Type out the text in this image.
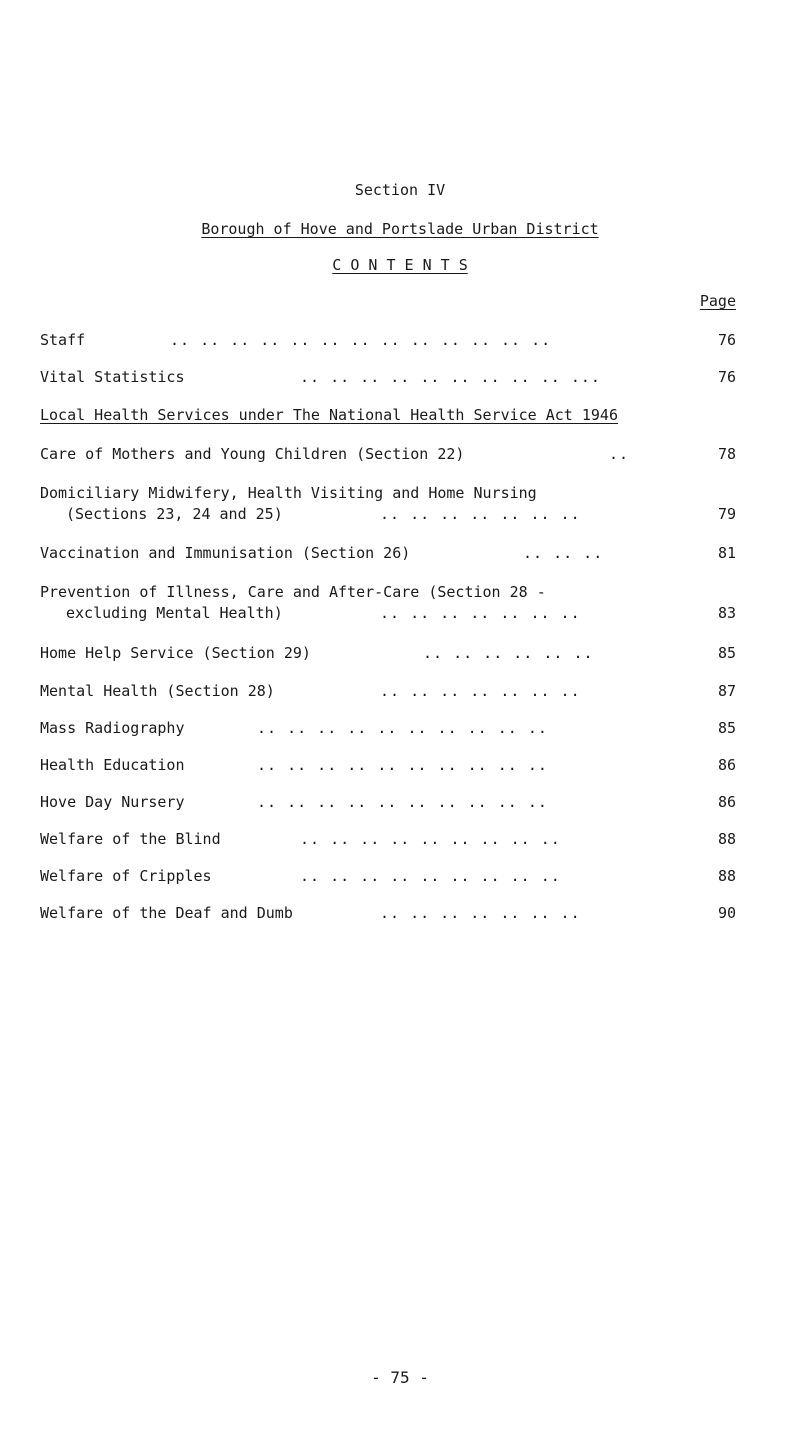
Section IV
Borough of Hove and Portslade Urban District
C O N T E N T S
Page
Staff	.. .. .. .. .. .. .. .. .. .. .. .. ..	76
Vital Statistics	.. .. .. .. .. .. .. .. .. ...	76
Local Health Services under The National Health Service Act 1946
Care of Mothers and Young Children (Section 22)	..	78
Domiciliary Midwifery, Health Visiting and Home Nursing
(Sections 23, 24 and 25)	.. .. .. .. .. .. ..	79
Vaccination and Immunisation (Section 26)	.. .. ..	81
Prevention of Illness, Care and After-Care (Section 28 -
excluding Mental Health)	.. .. .. .. .. .. ..	83
Home Help Service (Section 29)	.. .. .. .. .. ..	85
Mental Health (Section 28)	.. .. .. .. .. .. ..	87
Mass Radiography	.. .. .. .. .. .. .. .. .. ..	85
Health Education	.. .. .. .. .. .. .. .. .. ..	86
Hove Day Nursery	.. .. .. .. .. .. .. .. .. ..	86
Welfare of the Blind	.. .. .. .. .. .. .. .. ..	88
Welfare of Cripples	.. .. .. .. .. .. .. .. ..	88
Welfare of the Deaf and Dumb	.. .. .. .. .. .. ..	90
- 75 -
